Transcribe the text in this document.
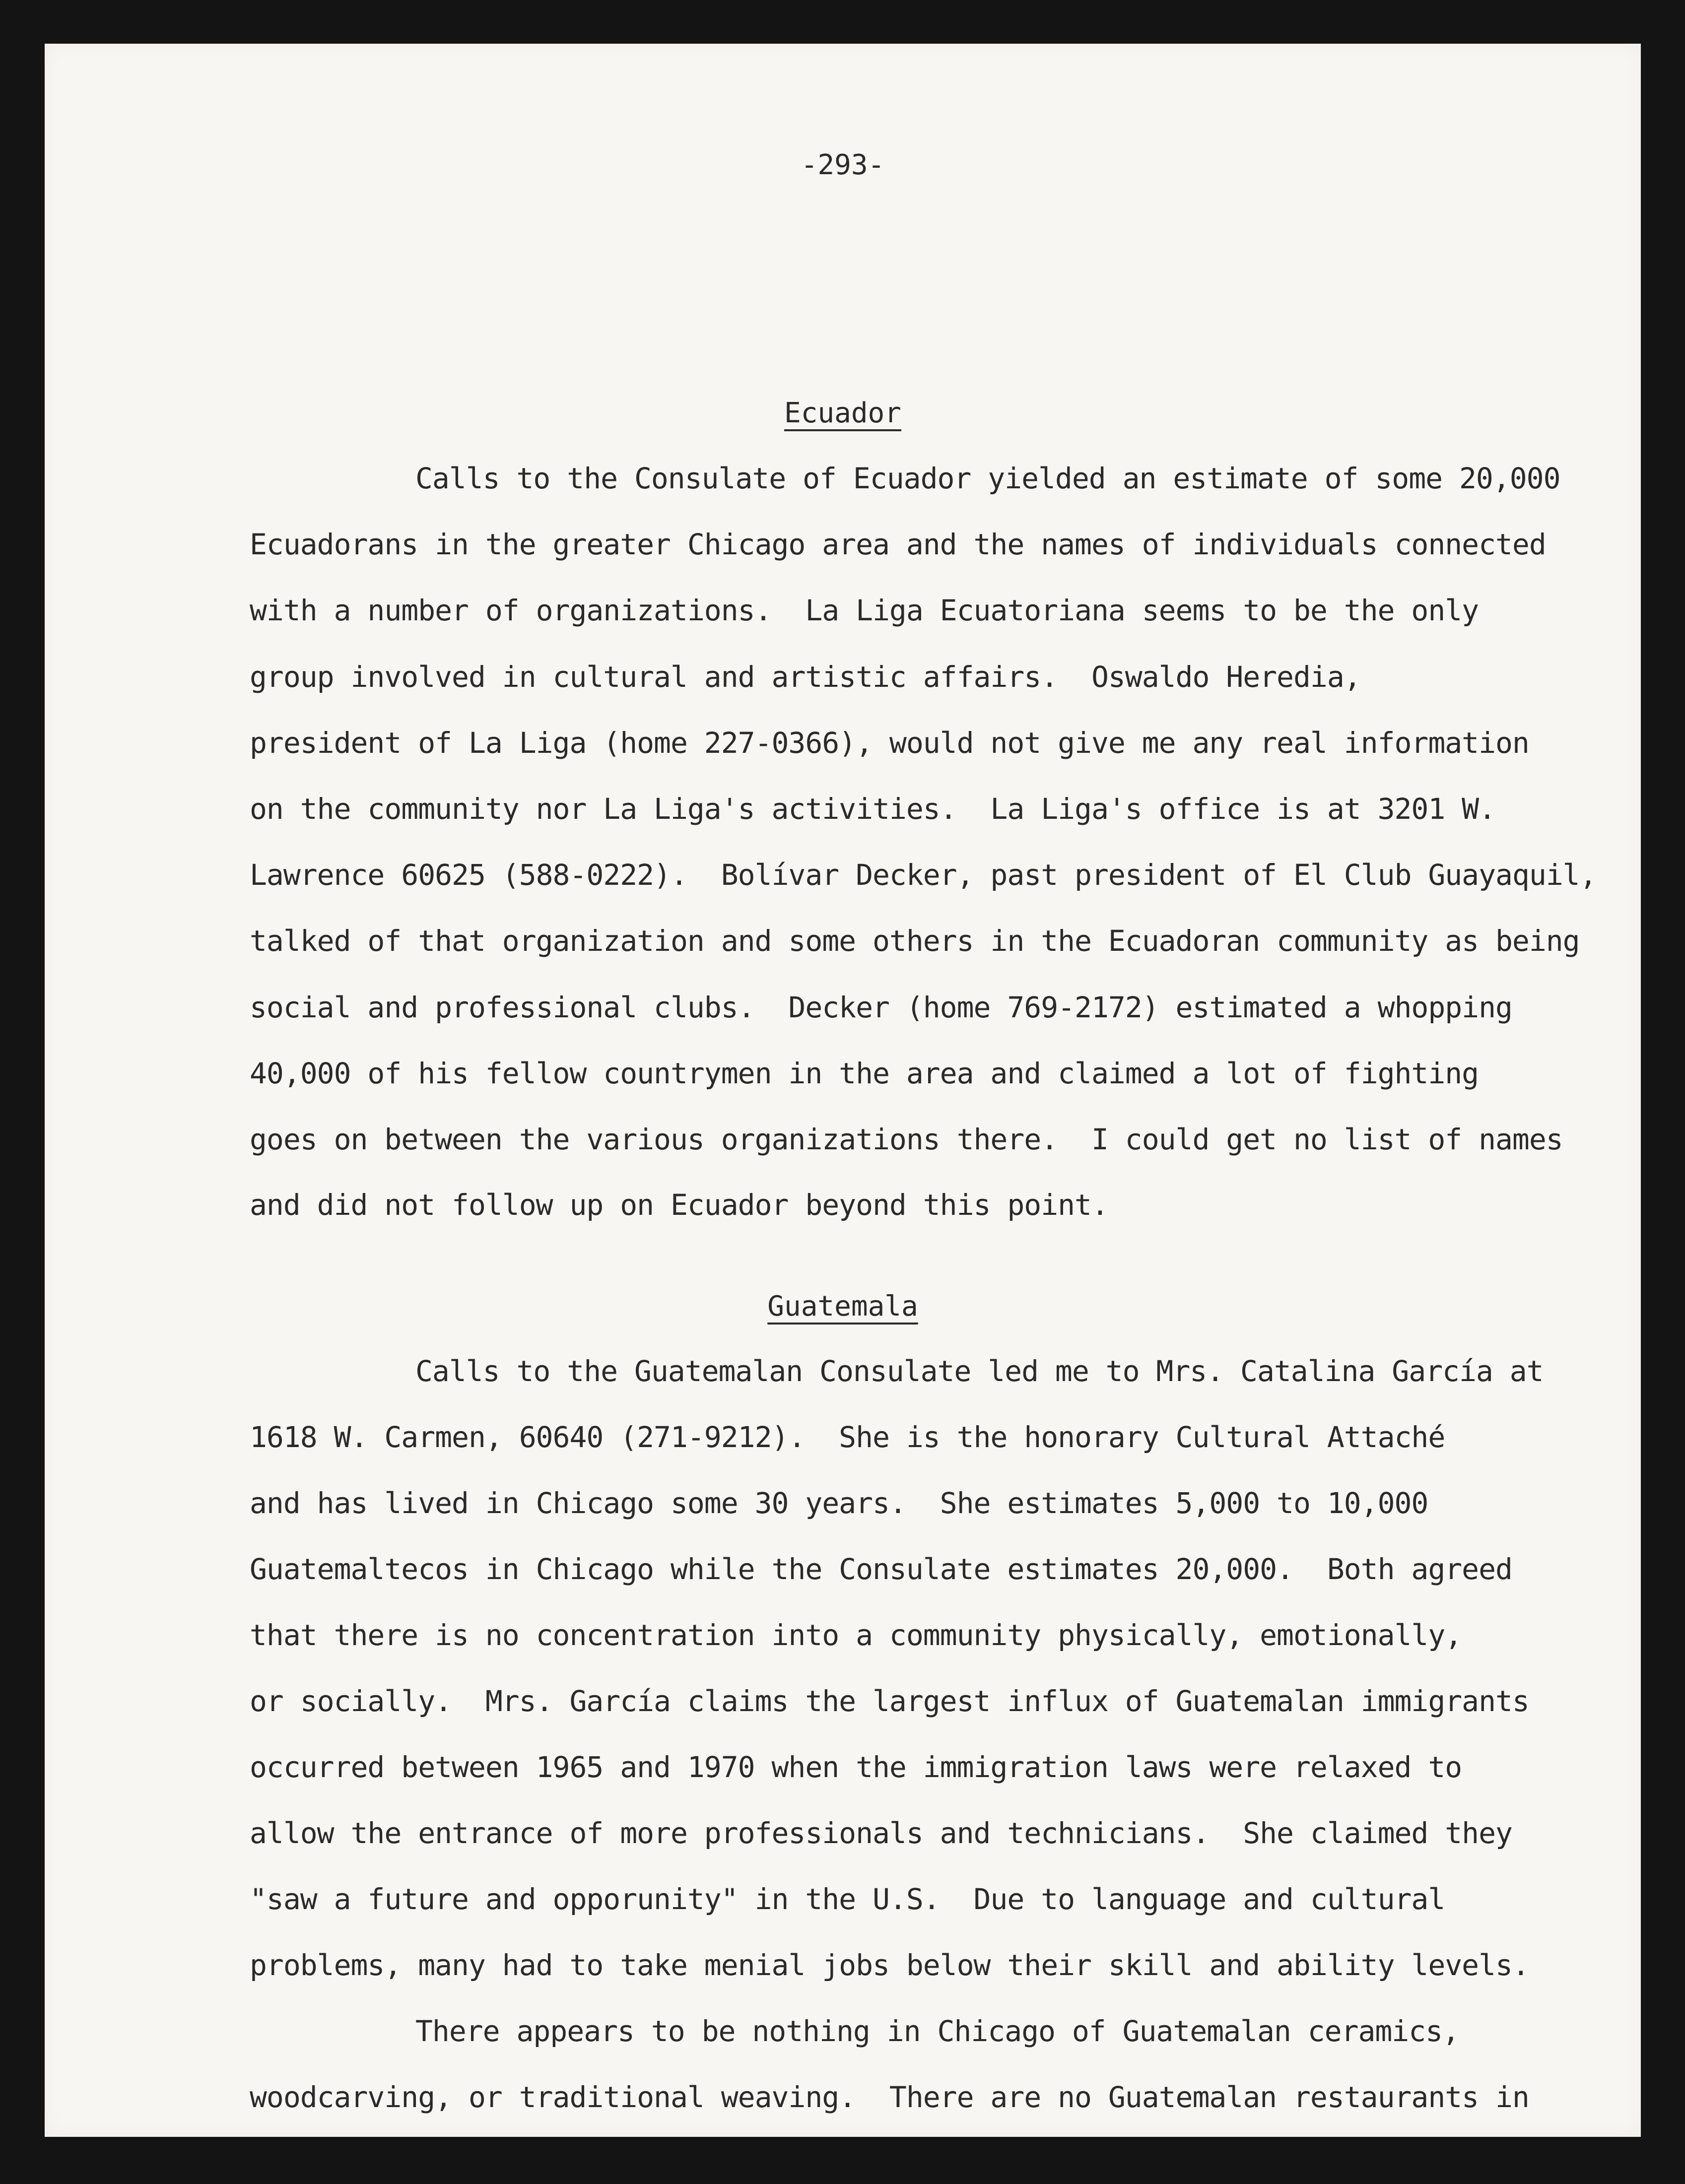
-293-
Ecuador
Calls to the Consulate of Ecuador yielded an estimate of some 20,000
Ecuadorans in the greater Chicago area and the names of individuals connected
with a number of organizations.  La Liga Ecuatoriana seems to be the only
group involved in cultural and artistic affairs.  Oswaldo Heredia,
president of La Liga (home 227-0366), would not give me any real information
on the community nor La Liga's activities.  La Liga's office is at 3201 W.
Lawrence 60625 (588-0222).  Bolívar Decker, past president of El Club Guayaquil,
talked of that organization and some others in the Ecuadoran community as being
social and professional clubs.  Decker (home 769-2172) estimated a whopping
40,000 of his fellow countrymen in the area and claimed a lot of fighting
goes on between the various organizations there.  I could get no list of names
and did not follow up on Ecuador beyond this point.
Guatemala
Calls to the Guatemalan Consulate led me to Mrs. Catalina García at
1618 W. Carmen, 60640 (271-9212).  She is the honorary Cultural Attaché
and has lived in Chicago some 30 years.  She estimates 5,000 to 10,000
Guatemaltecos in Chicago while the Consulate estimates 20,000.  Both agreed
that there is no concentration into a community physically, emotionally,
or socially.  Mrs. García claims the largest influx of Guatemalan immigrants
occurred between 1965 and 1970 when the immigration laws were relaxed to
allow the entrance of more professionals and technicians.  She claimed they
"saw a future and opporunity" in the U.S.  Due to language and cultural
problems, many had to take menial jobs below their skill and ability levels.
There appears to be nothing in Chicago of Guatemalan ceramics,
woodcarving, or traditional weaving.  There are no Guatemalan restaurants in
